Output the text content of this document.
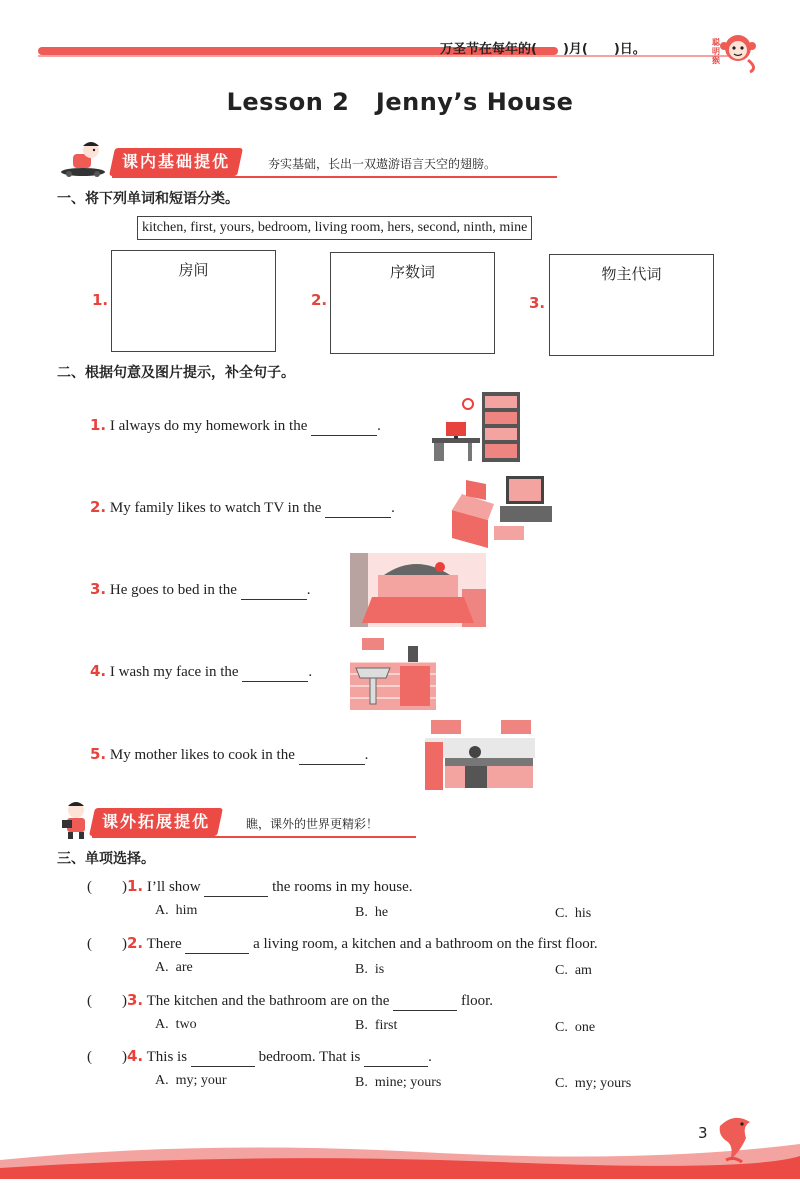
万圣节在每年的(　　)月(　　)日。	聪明猴
Lesson 2   Jenny’s House
课内基础提优	夯实基础，长出一双遨游语言天空的翅膀。
一、将下列单词和短语分类。
kitchen, first, yours, bedroom, living room, hers, second, ninth, mine
1.
房间
2.
序数词
3.
物主代词
二、根据句意及图片提示，补全句子。
1. I always do my homework in the	.
2. My family likes to watch TV in the	.
3. He goes to bed in the	.
4. I wash my face in the	.
5. My mother likes to cook in the	.
课外拓展提优	瞧，课外的世界更精彩！
三、单项选择。
(　　)1. I’ll show	the rooms in my house.
A.  him	B.  he	C.  his
(　　)2. There	a living room, a kitchen and a bathroom on the first floor.
A.  are	B.  is	C.  am
(　　)3. The kitchen and the bathroom are on the	floor.
A.  two	B.  first	C.  one
(　　)4. This is	bedroom. That is	.
A.  my; your	B.  mine; yours	C.  my; yours
3
